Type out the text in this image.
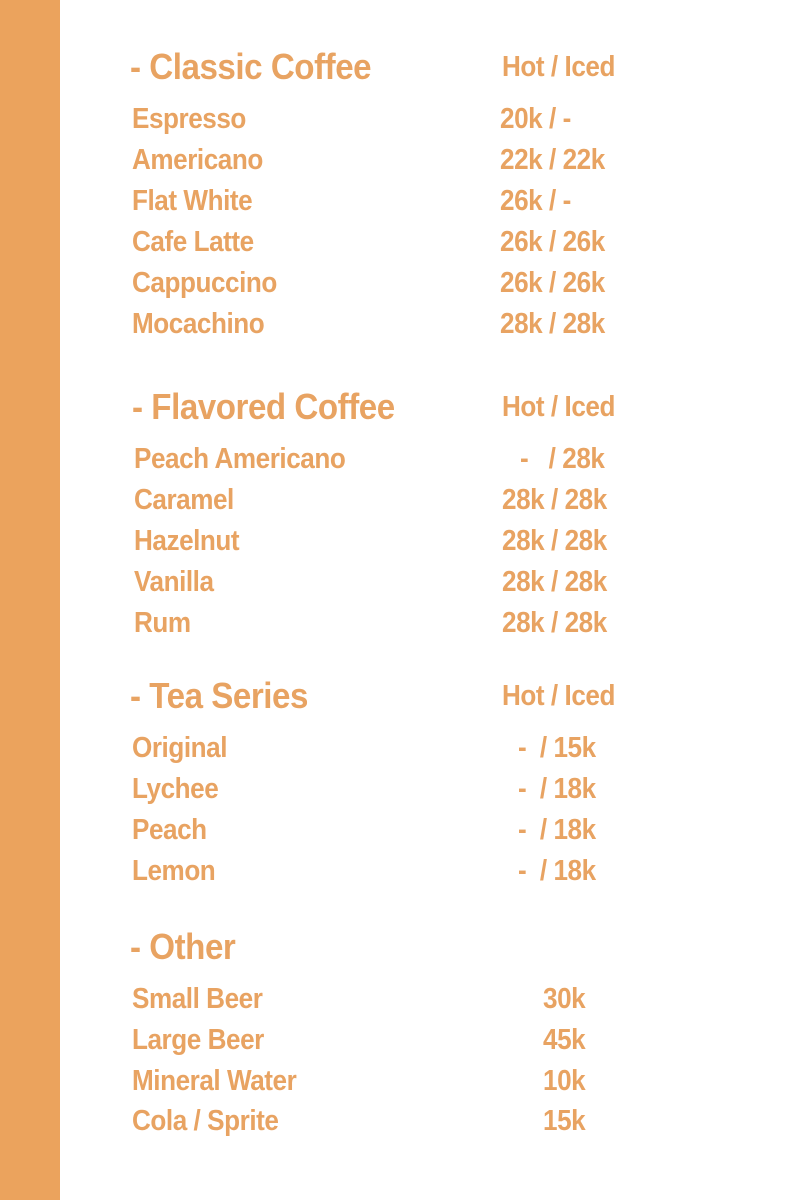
- Classic Coffee	Hot / Iced
Espresso	20k / -
Americano	22k / 22k
Flat White	26k / -
Cafe Latte	26k / 26k
Cappuccino	26k / 26k
Mocachino	28k / 28k
- Flavored Coffee	Hot / Iced
Peach Americano	-   / 28k
Caramel	28k / 28k
Hazelnut	28k / 28k
Vanilla	28k / 28k
Rum	28k / 28k
- Tea Series	Hot / Iced
Original	-  / 15k
Lychee	-  / 18k
Peach	-  / 18k
Lemon	-  / 18k
- Other
Small Beer	30k
Large Beer	45k
Mineral Water	10k
Cola / Sprite	15k
